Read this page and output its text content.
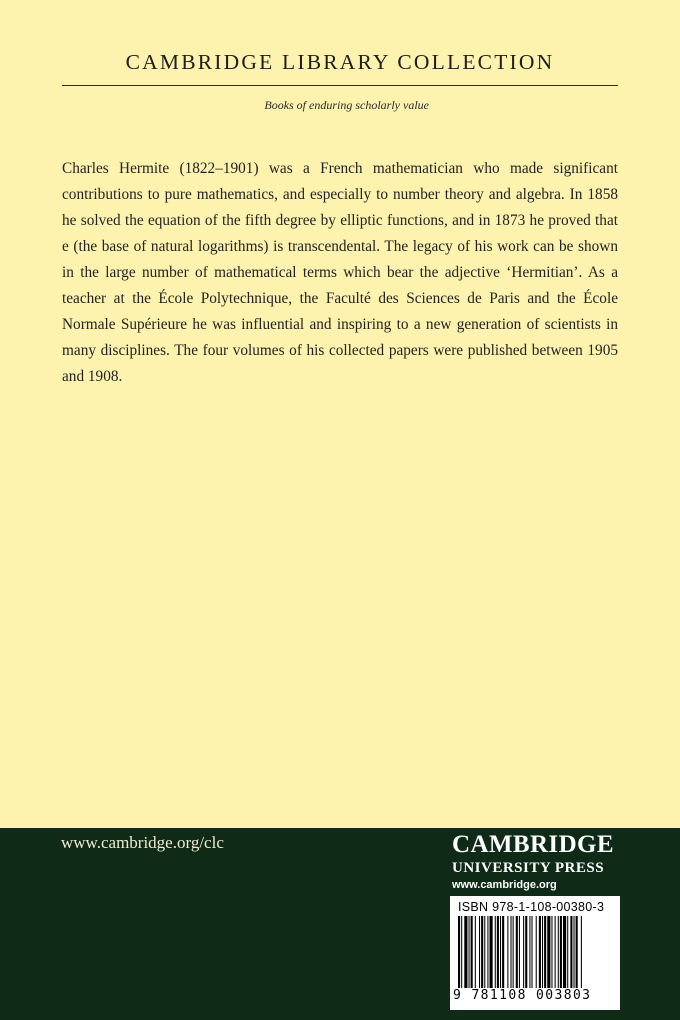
CAMBRIDGE LIBRARY COLLECTION
Books of enduring scholarly value

Charles Hermite (1822–1901) was a French mathematician who made significant contributions to pure mathematics, and especially to number theory and algebra. In 1858 he solved the equation of the fifth degree by elliptic functions, and in 1873 he proved that e (the base of natural logarithms) is transcendental. The legacy of his work can be shown in the large number of mathematical terms which bear the adjective ‘Hermitian’. As a teacher at the École Polytechnique, the Faculté des Sciences de Paris and the École Normale Supérieure he was influential and inspiring to a new generation of scientists in many disciplines. The four volumes of his collected papers were published between 1905 and 1908.

www.cambridge.org/clc	CAMBRIDGE
UNIVERSITY PRESS
www.cambridge.org
ISBN 978-1-108-00380-3
9 781108 003803
